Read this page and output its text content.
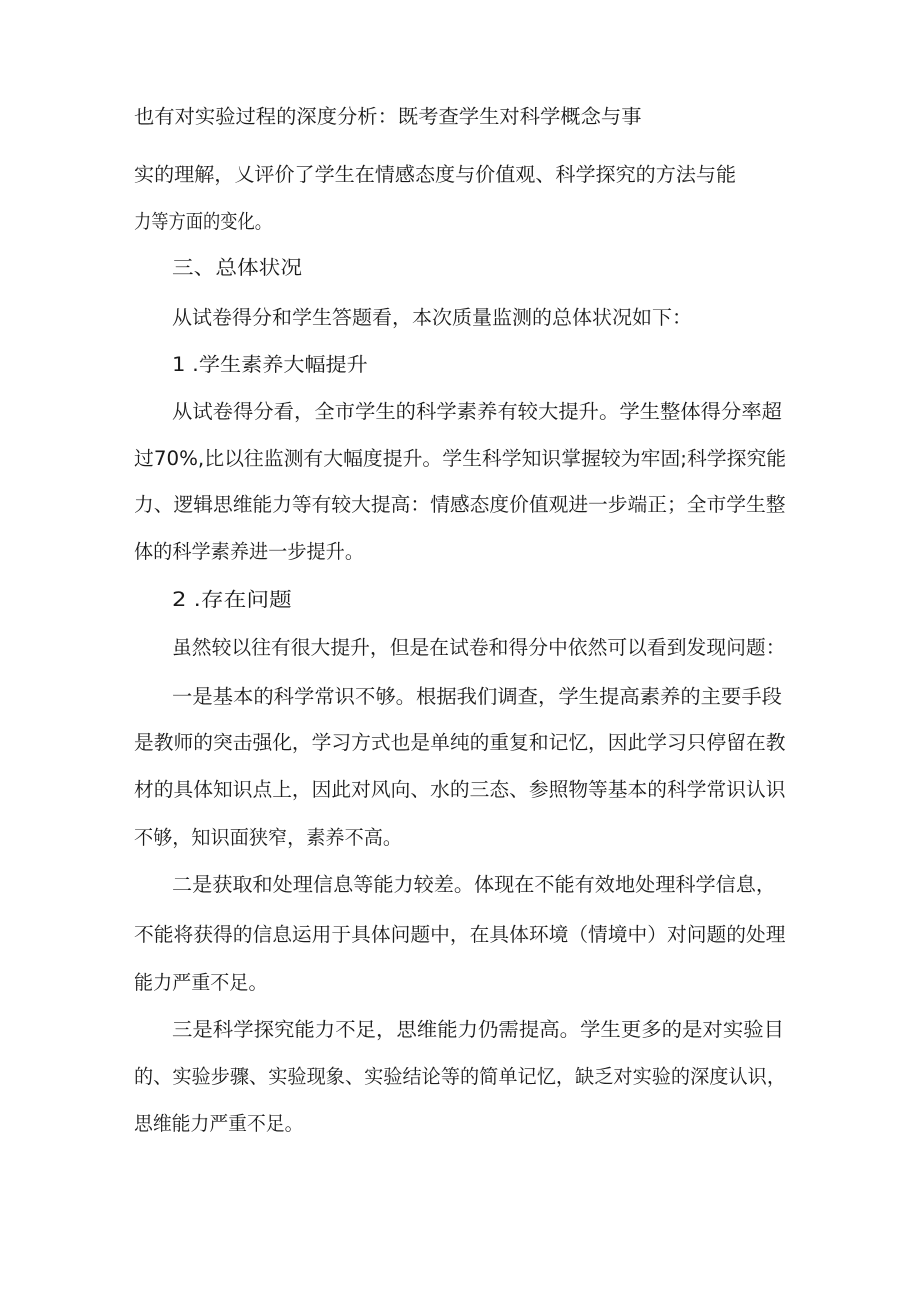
也有对实验过程的深度分析：既考查学生对科学概念与事

实的理解，乂评价了学生在情感态度与价值观、科学探究的方法与能

力等方面的变化。

三、总体状况

从试卷得分和学生答题看，本次质量监测的总体状况如下：

1 .学生素养大幅提升

从试卷得分看，全市学生的科学素养有较大提升。学生整体得分率超

过70%,比以往监测有大幅度提升。学生科学知识掌握较为牢固;科学探究能

力、逻辑思维能力等有较大提高：情感态度价值观进一步端正；全市学生整

体的科学素养进一步提升。

2 .存在问题

虽然较以往有很大提升，但是在试卷和得分中依然可以看到发现问题：

一是基本的科学常识不够。根据我们调查，学生提高素养的主要手段

是教师的突击强化，学习方式也是单纯的重复和记忆，因此学习只停留在教

材的具体知识点上，因此对风向、水的三态、参照物等基本的科学常识认识

不够，知识面狭窄，素养不高。

二是获取和处理信息等能力较差。体现在不能有效地处理科学信息，

不能将获得的信息运用于具体问题中，在具体环境（情境中）对问题的处理

能力严重不足。

三是科学探究能力不足，思维能力仍需提高。学生更多的是对实验目

的、实验步骤、实验现象、实验结论等的简单记忆，缺乏对实验的深度认识，

思维能力严重不足。
